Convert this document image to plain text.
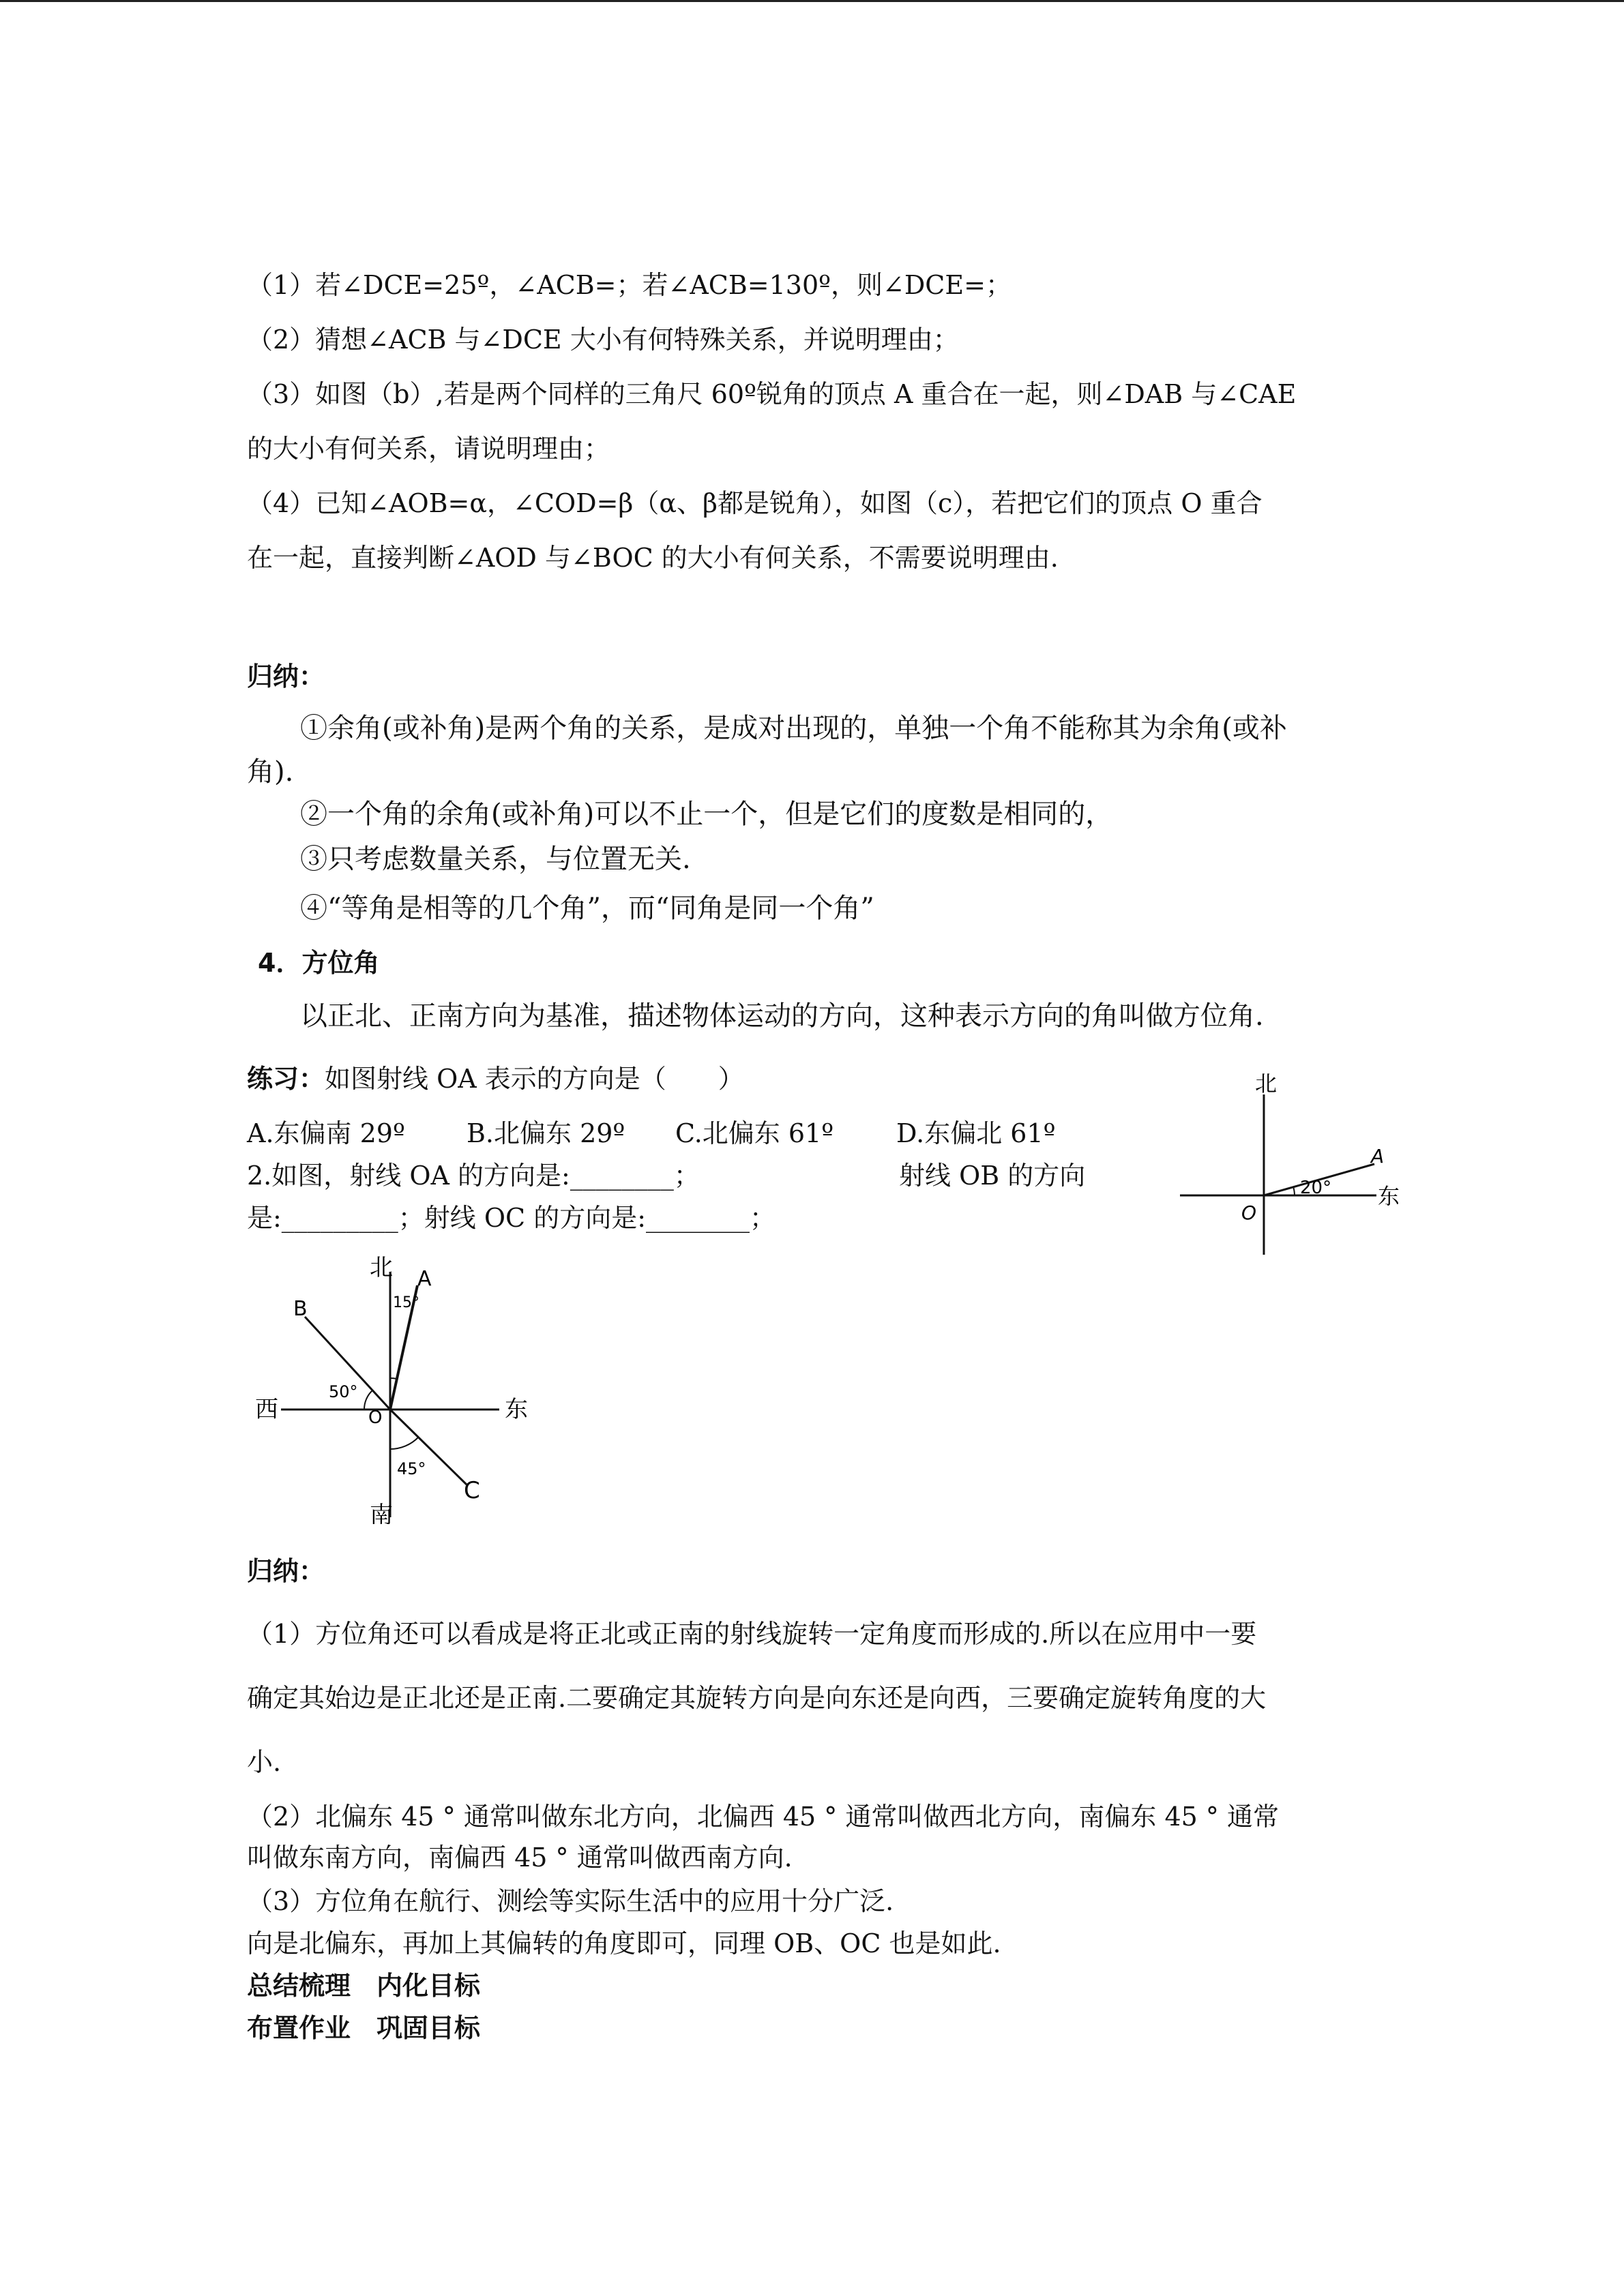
（1）若∠DCE=25º，∠ACB=；若∠ACB=130º，则∠DCE=；
（2）猜想∠ACB 与∠DCE 大小有何特殊关系，并说明理由；
（3）如图（b）,若是两个同样的三角尺 60º锐角的顶点 A 重合在一起，则∠DAB 与∠CAE
的大小有何关系，请说明理由；
（4）已知∠AOB=α，∠COD=β（α、β都是锐角），如图（c），若把它们的顶点 O 重合
在一起，直接判断∠AOD 与∠BOC 的大小有何关系，不需要说明理由.
归纳：
①余角(或补角)是两个角的关系，是成对出现的，单独一个角不能称其为余角(或补
角).
②一个角的余角(或补角)可以不止一个，但是它们的度数是相同的，
③只考虑数量关系，与位置无关.
④“等角是相等的几个角”，而“同角是同一个角”
4．方位角
以正北、正南方向为基准，描述物体运动的方向，这种表示方向的角叫做方位角.
练习：如图射线 OA 表示的方向是（　　）
A.东偏南 29º B.北偏东 29º C.北偏东 61º D.东偏北 61º
2.如图，射线 OA 的方向是:________；	射线 OB 的方向
是:_________；射线 OC 的方向是:________；
北
东
O
A
20°
北
南
西	东
O
A
B
C
15°
50°
45°
归纳：
（1）方位角还可以看成是将正北或正南的射线旋转一定角度而形成的.所以在应用中一要
确定其始边是正北还是正南.二要确定其旋转方向是向东还是向西，三要确定旋转角度的大
小.
（2）北偏东 45 ° 通常叫做东北方向，北偏西 45 ° 通常叫做西北方向，南偏东 45 ° 通常
叫做东南方向，南偏西 45 ° 通常叫做西南方向.
（3）方位角在航行、测绘等实际生活中的应用十分广泛.
向是北偏东，再加上其偏转的角度即可，同理 OB、OC 也是如此.
总结梳理　内化目标
布置作业　巩固目标
